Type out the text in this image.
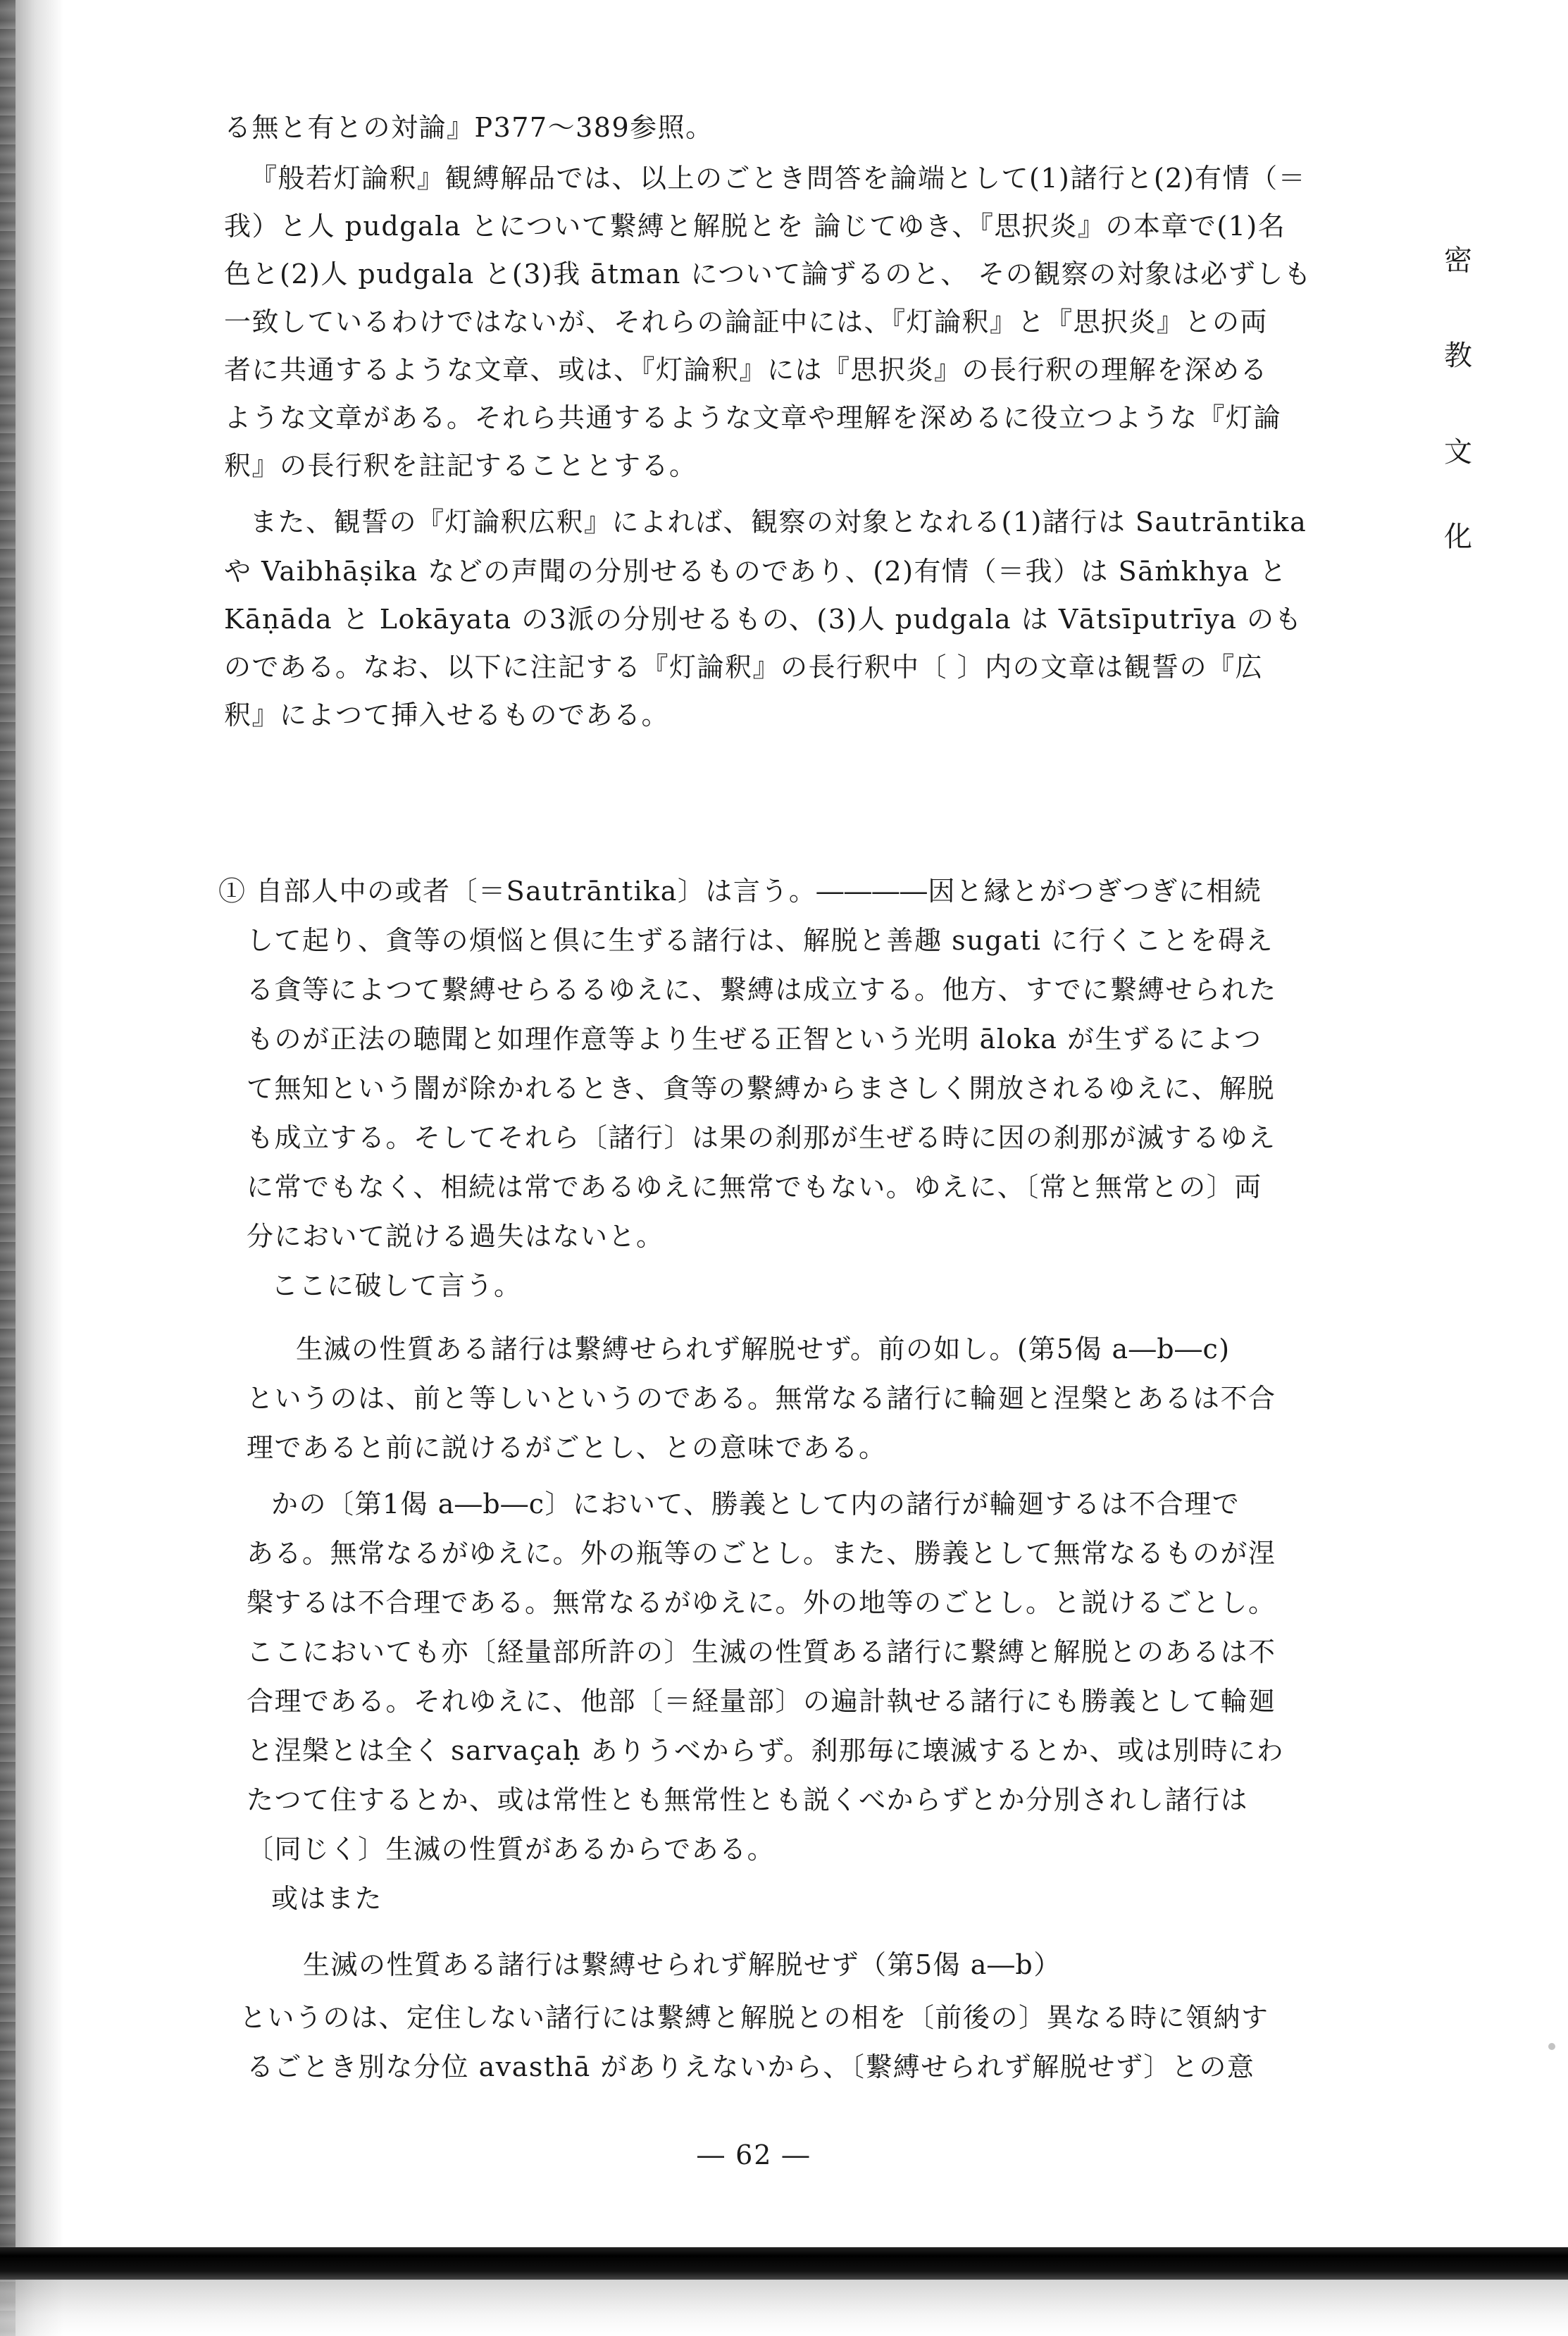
る無と有との対論』P377～389参照。
『般若灯論釈』観縛解品では、以上のごとき問答を論端として(1)諸行と(2)有情（＝
我）と人 pudgala とについて繋縛と解脱とを 論じてゆき、『思択炎』の本章で(1)名
色と(2)人 pudgala と(3)我 ātman について論ずるのと、 その観察の対象は必ずしも
一致しているわけではないが、それらの論証中には、『灯論釈』と『思択炎』との両
者に共通するような文章、或は、『灯論釈』には『思択炎』の長行釈の理解を深める
ような文章がある。それら共通するような文章や理解を深めるに役立つような『灯論
釈』の長行釈を註記することとする。
また、観誓の『灯論釈広釈』によれば、観察の対象となれる(1)諸行は Sautrāntika
や Vaibhāṣika などの声聞の分別せるものであり、(2)有情（＝我）は Sāṁkhya と
Kāṇāda と Lokāyata の3派の分別せるもの、(3)人 pudgala は Vātsīputrīya のも
のである。なお、以下に注記する『灯論釈』の長行釈中〔 〕内の文章は観誓の『広
釈』によつて挿入せるものである。
① 自部人中の或者〔＝Sautrāntika〕は言う。――――因と縁とがつぎつぎに相続
して起り、貪等の煩悩と倶に生ずる諸行は、解脱と善趣 sugati に行くことを碍え
る貪等によつて繋縛せらるるゆえに、繋縛は成立する。他方、すでに繋縛せられた
ものが正法の聴聞と如理作意等より生ぜる正智という光明 āloka が生ずるによつ
て無知という闇が除かれるとき、貪等の繋縛からまさしく開放されるゆえに、解脱
も成立する。そしてそれら〔諸行〕は果の刹那が生ぜる時に因の刹那が滅するゆえ
に常でもなく、相続は常であるゆえに無常でもない。ゆえに、〔常と無常との〕両
分において説ける過失はないと。
ここに破して言う。
生滅の性質ある諸行は繋縛せられず解脱せず。前の如し。(第5偈 a―b―c)
というのは、前と等しいというのである。無常なる諸行に輪廻と涅槃とあるは不合
理であると前に説けるがごとし、との意味である。
かの〔第1偈 a―b―c〕において、勝義として内の諸行が輪廻するは不合理で
ある。無常なるがゆえに。外の瓶等のごとし。また、勝義として無常なるものが涅
槃するは不合理である。無常なるがゆえに。外の地等のごとし。と説けるごとし。
ここにおいても亦〔経量部所許の〕生滅の性質ある諸行に繋縛と解脱とのあるは不
合理である。それゆえに、他部〔＝経量部〕の遍計執せる諸行にも勝義として輪廻
と涅槃とは全く sarvaçaḥ ありうべからず。刹那毎に壊滅するとか、或は別時にわ
たつて住するとか、或は常性とも無常性とも説くべからずとか分別されし諸行は
〔同じく〕生滅の性質があるからである。
或はまた
生滅の性質ある諸行は繋縛せられず解脱せず（第5偈 a―b）
というのは、定住しない諸行には繋縛と解脱との相を〔前後の〕異なる時に領納す
るごとき別な分位 avasthā がありえないから、〔繋縛せられず解脱せず〕との意
密
教
文
化
― 62 ―
